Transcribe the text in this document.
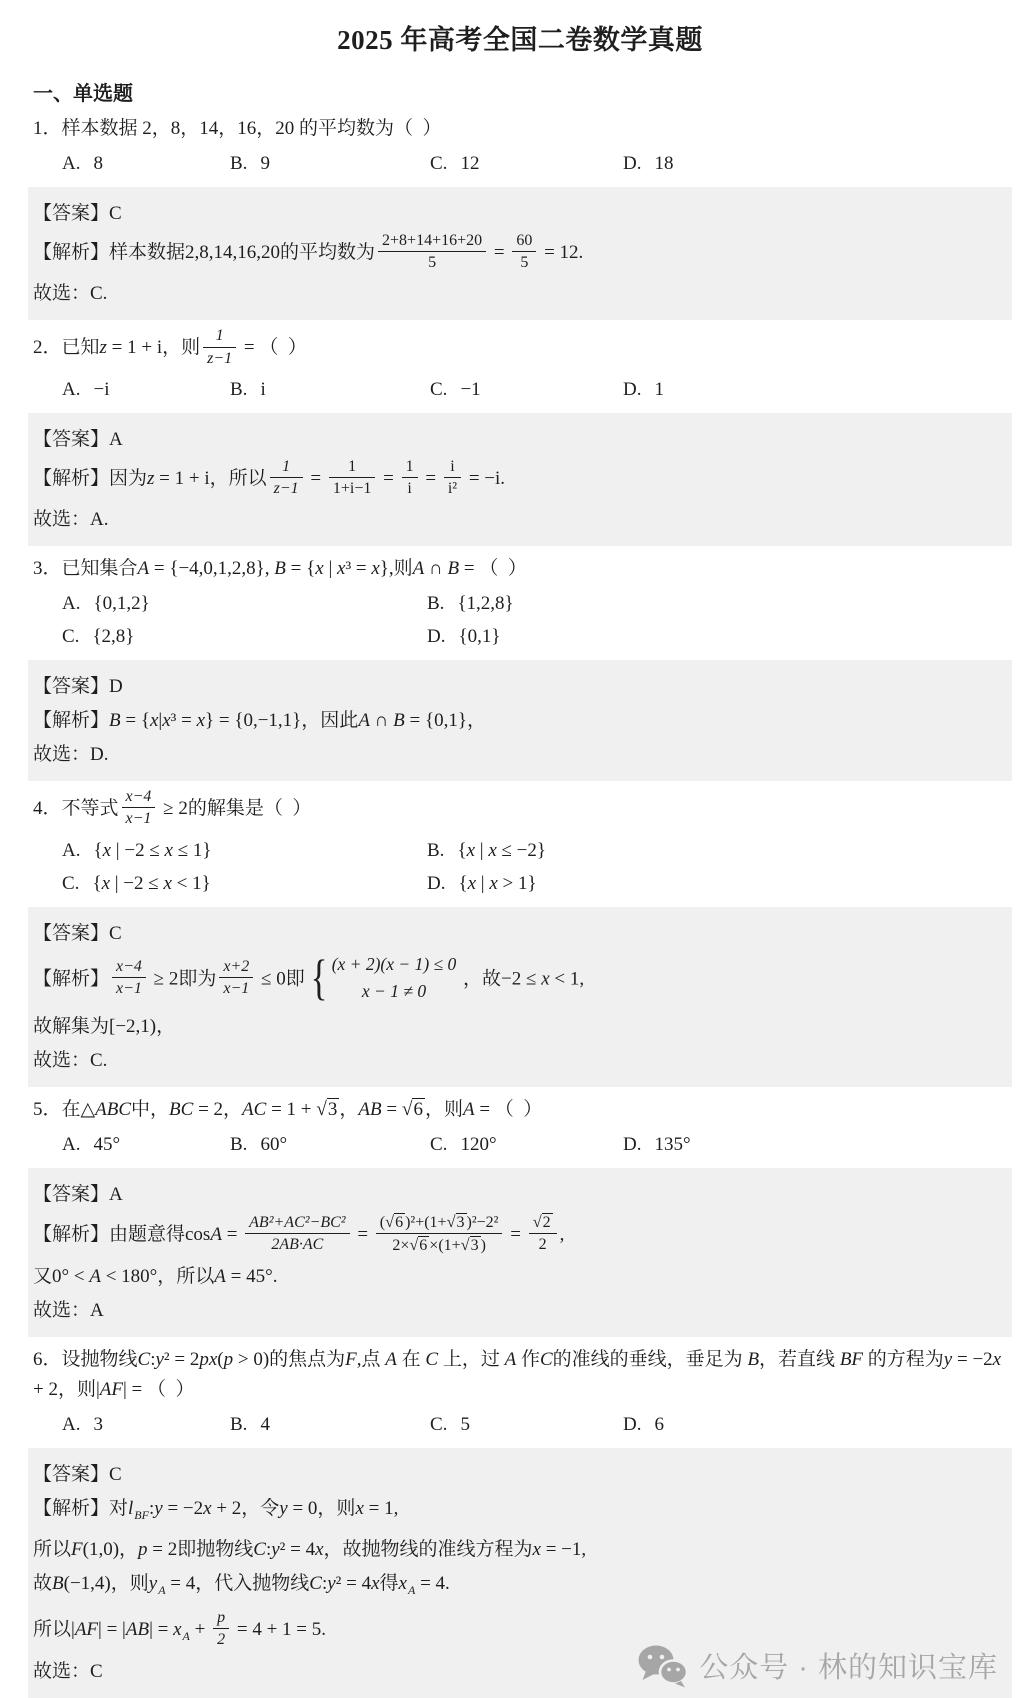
2025 年高考全国二卷数学真题
一、单选题

1．样本数据 2，8，14，16，20 的平均数为（  ）

A. 8	B. 9	C. 12	D. 18

【答案】C

【解析】样本数据2,8,14,16,20的平均数为 $\frac{2+8+14+16+20}{5} = \frac{60}{5} = 12$.

故选：C.

2．已知z = 1 + i，则 $\frac{1}{z-1}$ = （  ）

A. −i	B. i	C. −1	D. 1

【答案】A

【解析】因为z = 1 + i，所以 $\frac{1}{z-1} = \frac{1}{1+i-1} = \frac{1}{i} = \frac{i}{\text{i²}} = -i$.

故选：A.

3．已知集合A = {−4,0,1,2,8}, B = {x | x³ = x},则A ∩ B = （  ）

A. {0,1,2}	B. {1,2,8}
C. {2,8}	D. {0,1}

【答案】D

【解析】B = {x|x³ = x} = {0,−1,1}，因此A ∩ B = {0,1}，

故选：D.

4．不等式 $\frac{x-4}{x-1} \ge 2$的解集是（  ）

A. {x | −2 ≤ x ≤ 1}	B. {x | x ≤ −2}
C. {x | −2 ≤ x < 1}	D. {x | x > 1}

【答案】C

【解析】 $\frac{x-4}{x-1} \ge 2$即为 $\frac{x+2}{x-1} \le 0$即 { (x + 2)(x − 1) ≤ 0
x − 1 ≠ 0
，故−2 ≤ x < 1,

故解集为[−2,1)，

故选：C.

5．在△ABC中，BC = 2，AC = 1 + √3 ，AB = √6 ，则A = （  ）

A. 45°	B. 60°	C. 120°	D. 135°

【答案】A

【解析】由题意得$\cos A = \frac{\text{AB²+AC²−BC²}}{2AB\cdot AC} = \frac{\text{(√6 )²+(1+√3 )²−2²}}{2\times√6 \times(1+√3 )} = \frac{√2}{2}$ ,

又0° < A < 180°，所以A = 45°.

故选：A

6．设抛物线C:y² = 2px(p > 0)的焦点为F,点 A 在 C 上，过 A 作C的准线的垂线，垂足为 B，若直线 BF 的方程为y = −2x + 2，则|AF| = （  ）

A. 3	B. 4	C. 5	D. 6

【答案】C

【解析】对$l_{BF}:y = -2x + 2$，令y = 0，则x = 1,

所以F(1,0)，p = 2即抛物线C:y² = 4x，故抛物线的准线方程为x = −1,

故B(−1,4)，则$y_A = 4$，代入抛物线C:y² = 4x得$x_A = 4$.

所以$|AF| = |AB| = x_A + \frac{p}{2} = 4 + 1 = 5$.

故选：C	公众号 · 林的知识宝库
